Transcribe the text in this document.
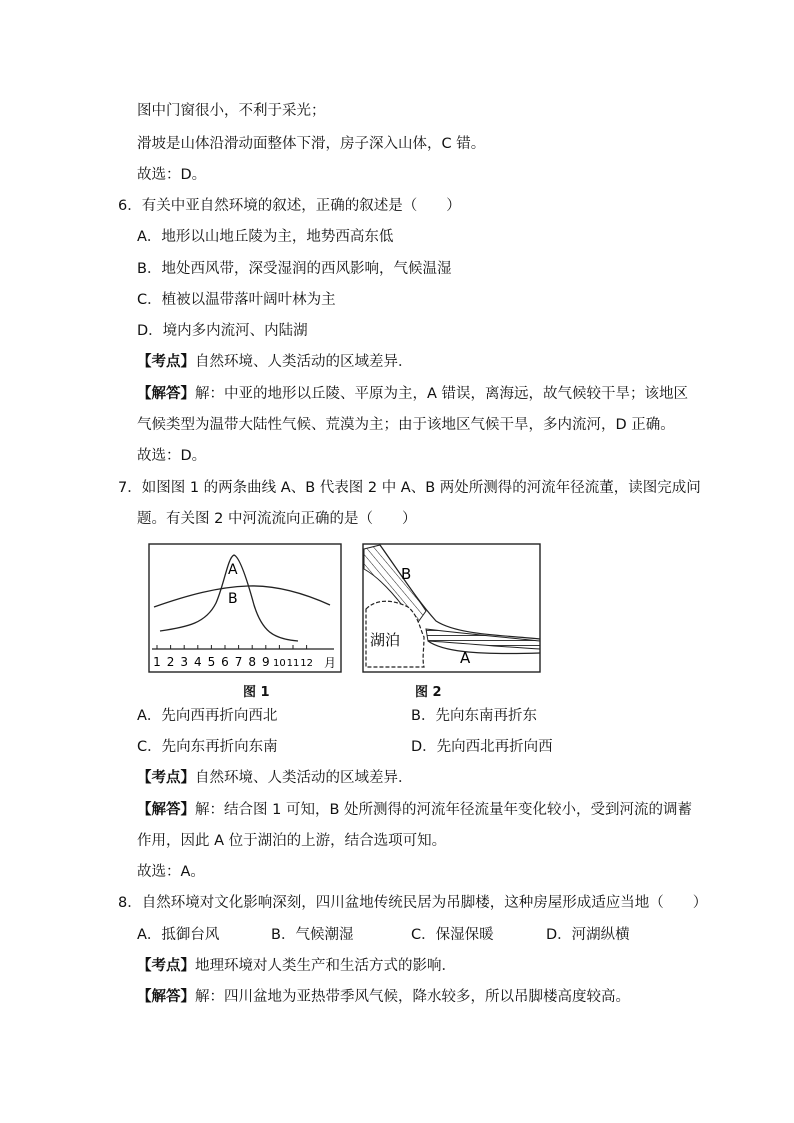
图中门窗很小，不利于采光；
滑坡是山体沿滑动面整体下滑，房子深入山体，C 错。
故选：D。
6．有关中亚自然环境的叙述，正确的叙述是（　　）
A．地形以山地丘陵为主，地势西高东低
B．地处西风带，深受湿润的西风影响，气候温湿
C．植被以温带落叶阔叶林为主
D．境内多内流河、内陆湖
【考点】自然环境、人类活动的区域差异．
【解答】解：中亚的地形以丘陵、平原为主，A 错误，离海远，故气候较干旱；该地区
气候类型为温带大陆性气候、荒漠为主；由于该地区气候干旱，多内流河，D 正确。
故选：D。
7．如图图 1 的两条曲线 A、B 代表图 2 中 A、B 两处所测得的河流年径流董，读图完成问
题。有关图 2 中河流流向正确的是（　　）
A
B
1 2 3 4 5 6 7 8 9 10 11 12 月
图 1
湖泊
B
A
图 2
A．先向西再折向西北	B．先向东南再折东
C．先向东再折向东南	D．先向西北再折向西
【考点】自然环境、人类活动的区域差异．
【解答】解：结合图 1 可知，B 处所测得的河流年径流量年变化较小，受到河流的调蓄
作用，因此 A 位于湖泊的上游，结合选项可知。
故选：A。
8．自然环境对文化影响深刻，四川盆地传统民居为吊脚楼，这种房屋形成适应当地（　　）
A．抵御台风	B．气候潮湿	C．保湿保暖	D．河湖纵横
【考点】地理环境对人类生产和生活方式的影响．
【解答】解：四川盆地为亚热带季风气候，降水较多，所以吊脚楼高度较高。
